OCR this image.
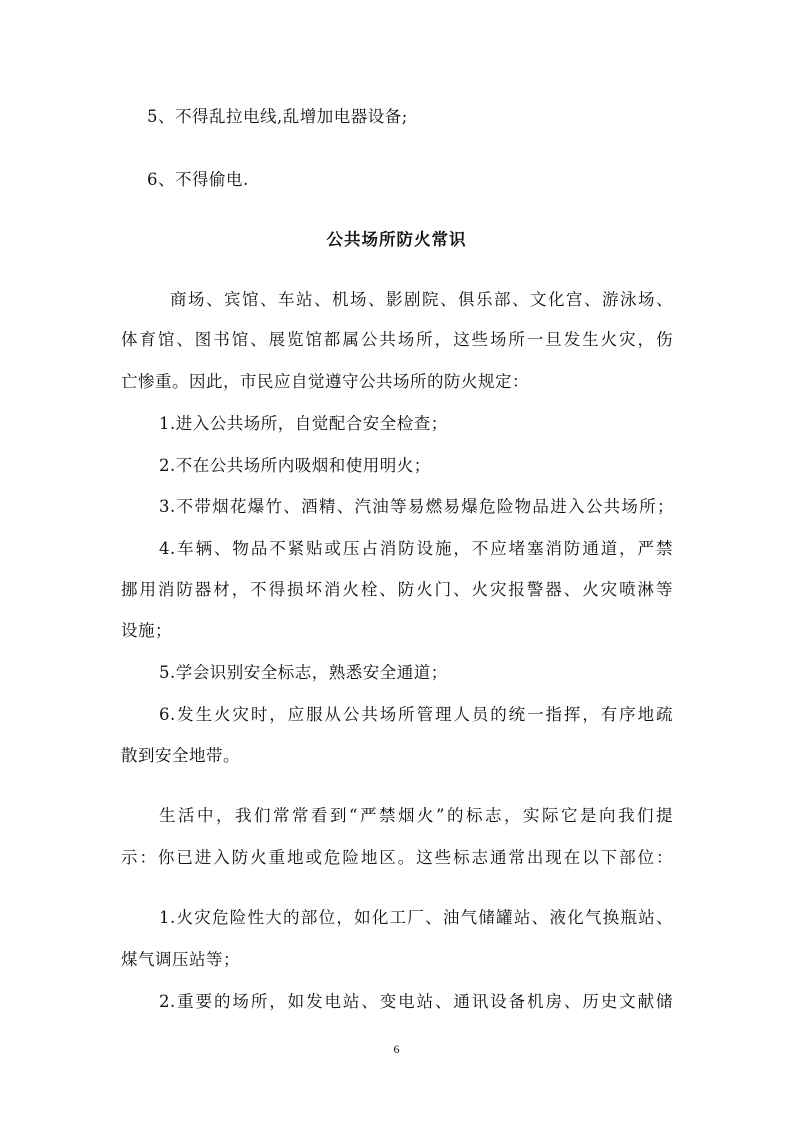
5、不得乱拉电线,乱增加电器设备;

6、不得偷电.

公共场所防火常识

商场、宾馆、车站、机场、影剧院、俱乐部、文化宫、游泳场、

体育馆、图书馆、展览馆都属公共场所，这些场所一旦发生火灾，伤

亡惨重。因此，市民应自觉遵守公共场所的防火规定：

1.进入公共场所，自觉配合安全检查；

2.不在公共场所内吸烟和使用明火；

3.不带烟花爆竹、酒精、汽油等易燃易爆危险物品进入公共场所；

4.车辆、物品不紧贴或压占消防设施，不应堵塞消防通道，严禁

挪用消防器材，不得损坏消火栓、防火门、火灾报警器、火灾喷淋等

设施；

5.学会识别安全标志，熟悉安全通道；

6.发生火灾时，应服从公共场所管理人员的统一指挥，有序地疏

散到安全地带。

生活中，我们常常看到“严禁烟火”的标志，实际它是向我们提

示：你已进入防火重地或危险地区。这些标志通常出现在以下部位：

1.火灾危险性大的部位，如化工厂、油气储罐站、液化气换瓶站、

煤气调压站等；

2.重要的场所，如发电站、变电站、通讯设备机房、历史文献储

6
